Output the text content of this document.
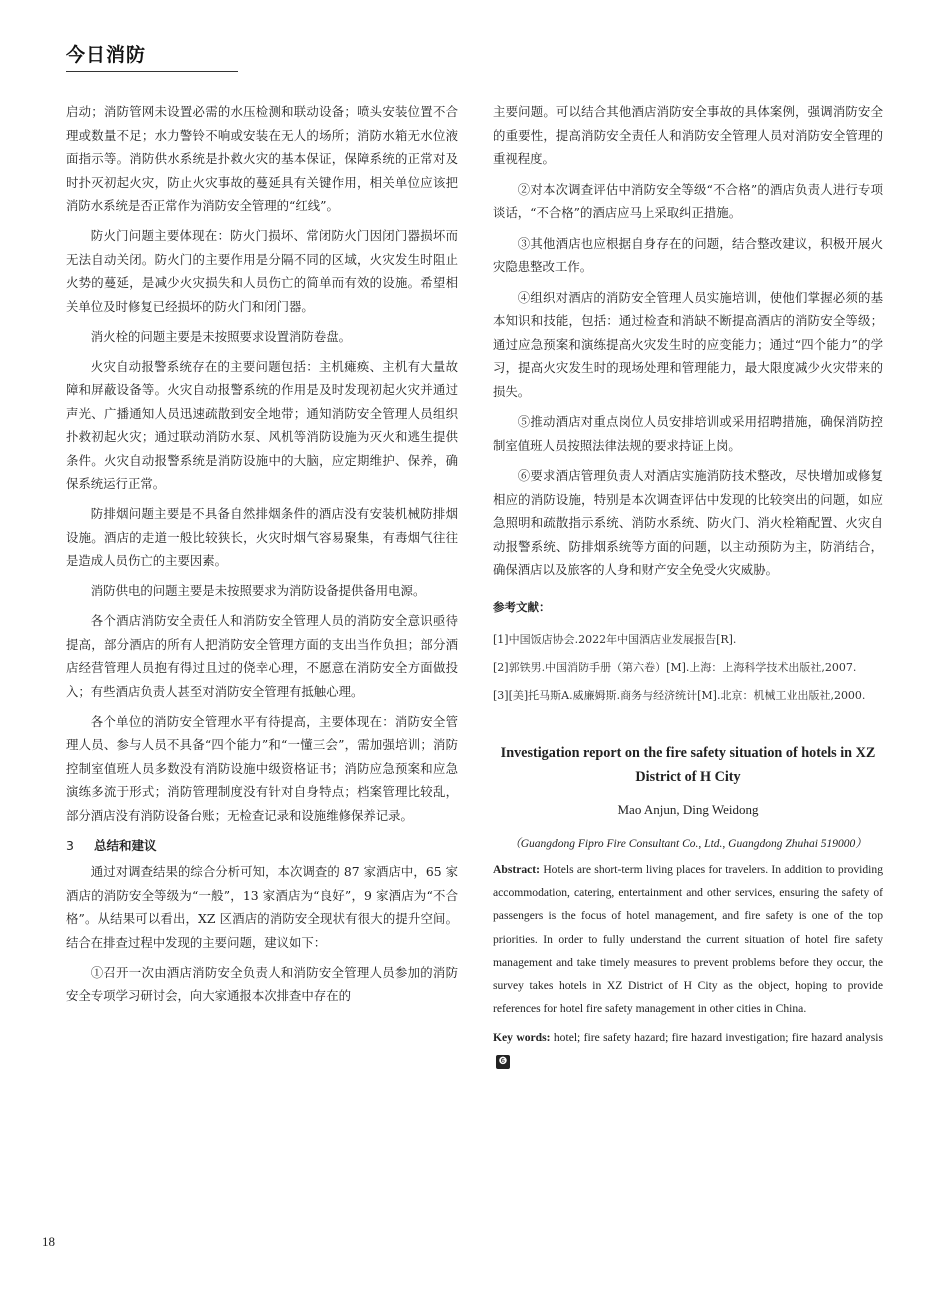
今日消防

启动；消防管网未设置必需的水压检测和联动设备；喷头安装位置不合理或数量不足；水力警铃不响或安装在无人的场所；消防水箱无水位液面指示等。消防供水系统是扑救火灾的基本保证，保障系统的正常对及时扑灭初起火灾，防止火灾事故的蔓延具有关键作用，相关单位应该把消防水系统是否正常作为消防安全管理的“红线”。

防火门问题主要体现在：防火门损坏、常闭防火门因闭门器损坏而无法自动关闭。防火门的主要作用是分隔不同的区域，火灾发生时阻止火势的蔓延，是减少火灾损失和人员伤亡的简单而有效的设施。希望相关单位及时修复已经损坏的防火门和闭门器。

消火栓的问题主要是未按照要求设置消防卷盘。

火灾自动报警系统存在的主要问题包括：主机瘫痪、主机有大量故障和屏蔽设备等。火灾自动报警系统的作用是及时发现初起火灾并通过声光、广播通知人员迅速疏散到安全地带；通知消防安全管理人员组织扑救初起火灾；通过联动消防水泵、风机等消防设施为灭火和逃生提供条件。火灾自动报警系统是消防设施中的大脑，应定期维护、保养，确保系统运行正常。

防排烟问题主要是不具备自然排烟条件的酒店没有安装机械防排烟设施。酒店的走道一般比较狭长，火灾时烟气容易聚集，有毒烟气往往是造成人员伤亡的主要因素。

消防供电的问题主要是未按照要求为消防设备提供备用电源。

各个酒店消防安全责任人和消防安全管理人员的消防安全意识亟待提高，部分酒店的所有人把消防安全管理方面的支出当作负担；部分酒店经营管理人员抱有得过且过的侥幸心理，不愿意在消防安全方面做投入；有些酒店负责人甚至对消防安全管理有抵触心理。

各个单位的消防安全管理水平有待提高，主要体现在：消防安全管理人员、参与人员不具备“四个能力”和“一懂三会”，需加强培训；消防控制室值班人员多数没有消防设施中级资格证书；消防应急预案和应急演练多流于形式；消防管理制度没有针对自身特点；档案管理比较乱，部分酒店没有消防设备台账；无检查记录和设施维修保养记录。

3 总结和建议

通过对调查结果的综合分析可知，本次调查的 87 家酒店中，65 家酒店的消防安全等级为“一般”，13 家酒店为“良好”，9 家酒店为“不合格”。从结果可以看出，XZ 区酒店的消防安全现状有很大的提升空间。结合在排查过程中发现的主要问题，建议如下：

①召开一次由酒店消防安全负责人和消防安全管理人员参加的消防安全专项学习研讨会，向大家通报本次排查中存在的

主要问题。可以结合其他酒店消防安全事故的具体案例，强调消防安全的重要性，提高消防安全责任人和消防安全管理人员对消防安全管理的重视程度。

②对本次调查评估中消防安全等级“不合格”的酒店负责人进行专项谈话，“不合格”的酒店应马上采取纠正措施。

③其他酒店也应根据自身存在的问题，结合整改建议，积极开展火灾隐患整改工作。

④组织对酒店的消防安全管理人员实施培训，使他们掌握必须的基本知识和技能，包括：通过检查和消缺不断提高酒店的消防安全等级；通过应急预案和演练提高火灾发生时的应变能力；通过“四个能力”的学习，提高火灾发生时的现场处理和管理能力，最大限度减少火灾带来的损失。

⑤推动酒店对重点岗位人员安排培训或采用招聘措施，确保消防控制室值班人员按照法律法规的要求持证上岗。

⑥要求酒店管理负责人对酒店实施消防技术整改，尽快增加或修复相应的消防设施，特别是本次调查评估中发现的比较突出的问题，如应急照明和疏散指示系统、消防水系统、防火门、消火栓箱配置、火灾自动报警系统、防排烟系统等方面的问题，以主动预防为主，防消结合，确保酒店以及旅客的人身和财产安全免受火灾威胁。

参考文献：
[1]中国饭店协会.2022年中国酒店业发展报告[R].
[2]郭铁男.中国消防手册（第六卷）[M].上海：上海科学技术出版社,2007.
[3][美]托马斯A.威廉姆斯.商务与经济统计[M].北京：机械工业出版社,2000.
Investigation report on the fire safety situation of hotels in XZ District of H City
Mao Anjun, Ding Weidong
（Guangdong Fipro Fire Consultant Co., Ltd., Guangdong Zhuhai 519000）
Abstract: Hotels are short-term living places for travelers. In addition to providing accommodation, catering, entertainment and other services, ensuring the safety of passengers is the focus of hotel management, and fire safety is one of the top priorities. In order to fully understand the current situation of hotel fire safety management and take timely measures to prevent problems before they occur, the survey takes hotels in XZ District of H City as the object, hoping to provide references for hotel fire safety management in other cities in China.
Key words: hotel; fire safety hazard; fire hazard investigation; fire hazard analysis ❻
18
